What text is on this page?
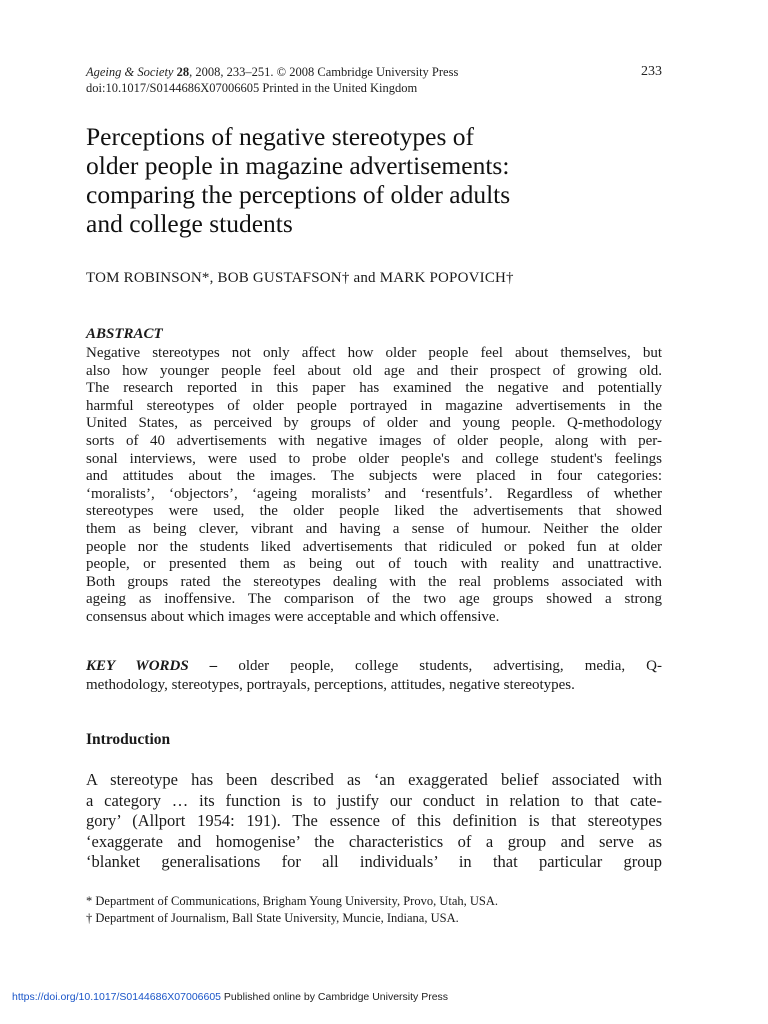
Ageing & Society 28, 2008, 233–251. © 2008 Cambridge University Press
doi:10.1017/S0144686X07006605 Printed in the United Kingdom
233
Perceptions of negative stereotypes of
older people in magazine advertisements:
comparing the perceptions of older adults
and college students
TOM ROBINSON*, BOB GUSTAFSON† and MARK POPOVICH†
ABSTRACT
Negative stereotypes not only affect how older people feel about themselves, but
also how younger people feel about old age and their prospect of growing old.
The research reported in this paper has examined the negative and potentially
harmful stereotypes of older people portrayed in magazine advertisements in the
United States, as perceived by groups of older and young people. Q-methodology
sorts of 40 advertisements with negative images of older people, along with per-
sonal interviews, were used to probe older people's and college student's feelings
and attitudes about the images. The subjects were placed in four categories:
‘moralists’, ‘objectors’, ‘ageing moralists’ and ‘resentfuls’. Regardless of whether
stereotypes were used, the older people liked the advertisements that showed
them as being clever, vibrant and having a sense of humour. Neither the older
people nor the students liked advertisements that ridiculed or poked fun at older
people, or presented them as being out of touch with reality and unattractive.
Both groups rated the stereotypes dealing with the real problems associated with
ageing as inoffensive. The comparison of the two age groups showed a strong
consensus about which images were acceptable and which offensive.
KEY WORDS – older people, college students, advertising, media, Q-
methodology, stereotypes, portrayals, perceptions, attitudes, negative stereotypes.
Introduction
A stereotype has been described as ‘an exaggerated belief associated with
a category … its function is to justify our conduct in relation to that cate-
gory’ (Allport 1954: 191). The essence of this definition is that stereotypes
‘exaggerate and homogenise’ the characteristics of a group and serve as
‘blanket generalisations for all individuals’ in that particular group
* Department of Communications, Brigham Young University, Provo, Utah, USA.
† Department of Journalism, Ball State University, Muncie, Indiana, USA.
https://doi.org/10.1017/S0144686X07006605 Published online by Cambridge University Press
